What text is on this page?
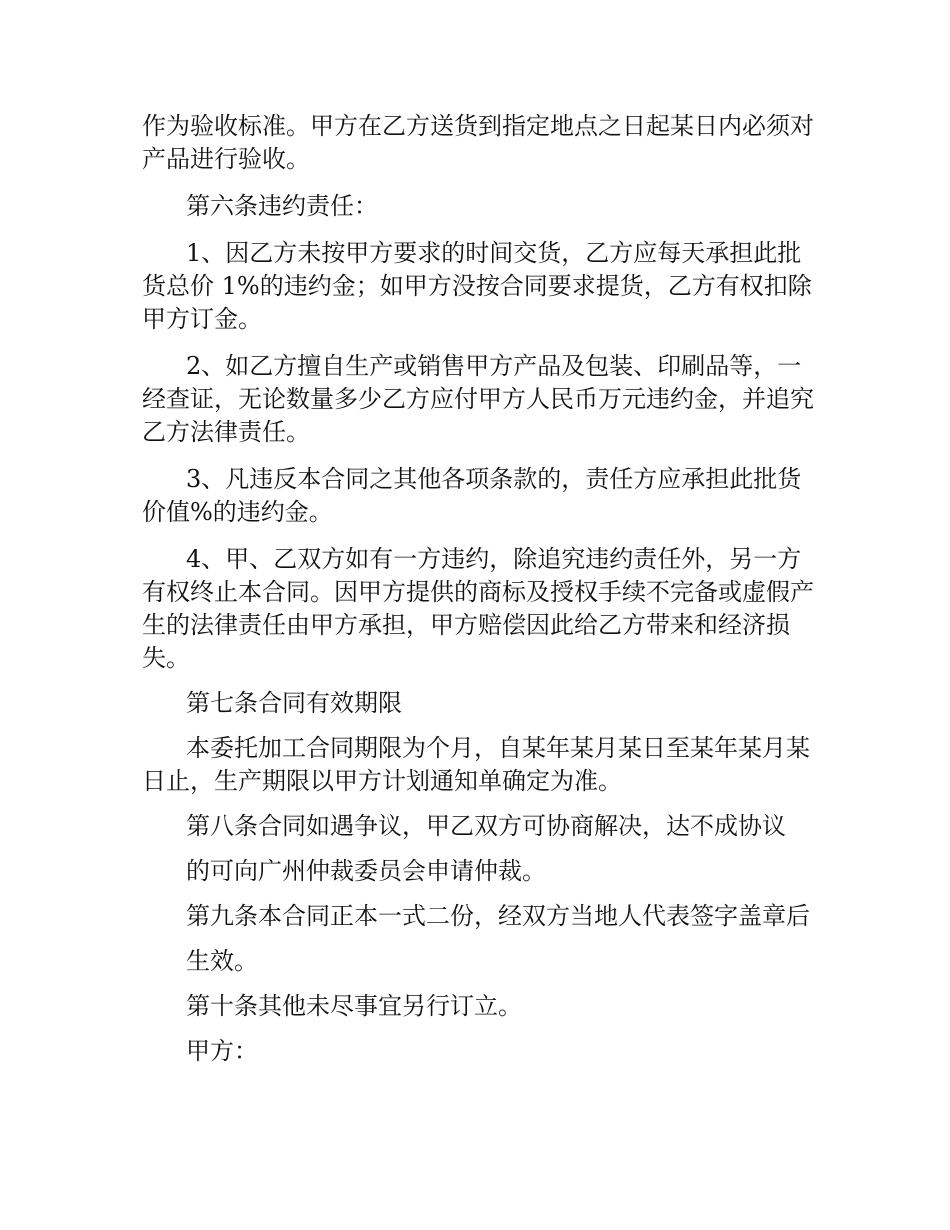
作为验收标准。甲方在乙方送货到指定地点之日起某日内必须对产品进行验收。

第六条违约责任：

1、因乙方未按甲方要求的时间交货，乙方应每天承担此批货总价 1%的违约金；如甲方没按合同要求提货，乙方有权扣除甲方订金。

2、如乙方擅自生产或销售甲方产品及包装、印刷品等，一经查证，无论数量多少乙方应付甲方人民币万元违约金，并追究乙方法律责任。

3、凡违反本合同之其他各项条款的，责任方应承担此批货价值%的违约金。

4、甲、乙双方如有一方违约，除追究违约责任外，另一方有权终止本合同。因甲方提供的商标及授权手续不完备或虚假产生的法律责任由甲方承担，甲方赔偿因此给乙方带来和经济损失。

第七条合同有效期限

本委托加工合同期限为个月，自某年某月某日至某年某月某日止，生产期限以甲方计划通知单确定为准。

第八条合同如遇争议，甲乙双方可协商解决，达不成协议

的可向广州仲裁委员会申请仲裁。

第九条本合同正本一式二份，经双方当地人代表签字盖章后

生效。

第十条其他未尽事宜另行订立。

甲方：
